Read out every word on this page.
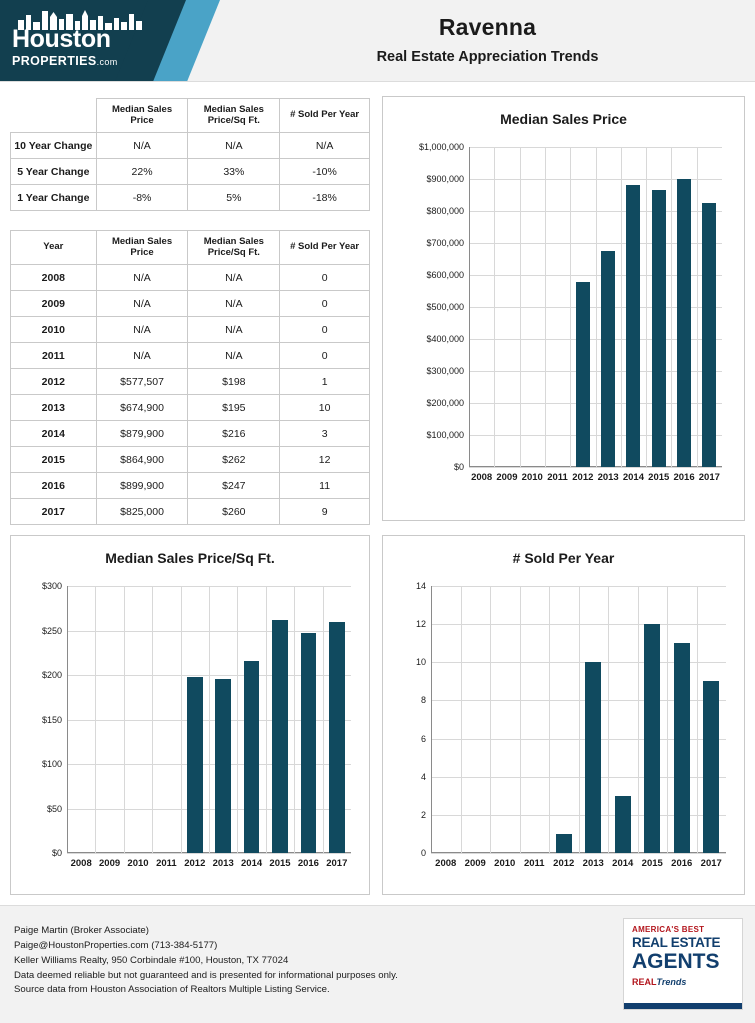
Houston
PROPERTIES.com
Ravenna
Real Estate Appreciation Trends
	Median Sales Price	Median Sales Price/Sq Ft.	# Sold Per Year
10 Year Change	N/A	N/A	N/A
5 Year Change	22%	33%	-10%
1 Year Change	-8%	5%	-18%
Year	Median Sales Price	Median Sales Price/Sq Ft.	# Sold Per Year
2008	N/A	N/A	0
2009	N/A	N/A	0
2010	N/A	N/A	0
2011	N/A	N/A	0
2012	$577,507	$198	1
2013	$674,900	$195	10
2014	$879,900	$216	3
2015	$864,900	$262	12
2016	$899,900	$247	11
2017	$825,000	$260	9
Median Sales Price
$0
$100,000
$200,000
$300,000
$400,000
$500,000
$600,000
$700,000
$800,000
$900,000
$1,000,000
2008 2009 2010 2011 2012 2013 2014 2015 2016 2017
Median Sales Price/Sq Ft.
$0
$50
$100
$150
$200
$250
$300
2008 2009 2010 2011 2012 2013 2014 2015 2016 2017
# Sold Per Year
0
2
4
6
8
10
12
14
2008 2009 2010 2011 2012 2013 2014 2015 2016 2017
Paige Martin (Broker Associate)
Paige@HoustonProperties.com (713-384-5177)
Keller Williams Realty, 950 Corbindale #100, Houston, TX 77024
Data deemed reliable but not guaranteed and is presented for informational purposes only.
Source data from Houston Association of Realtors Multiple Listing Service.
AMERICA'S BEST
REAL ESTATE
AGENTS
REALTrends
